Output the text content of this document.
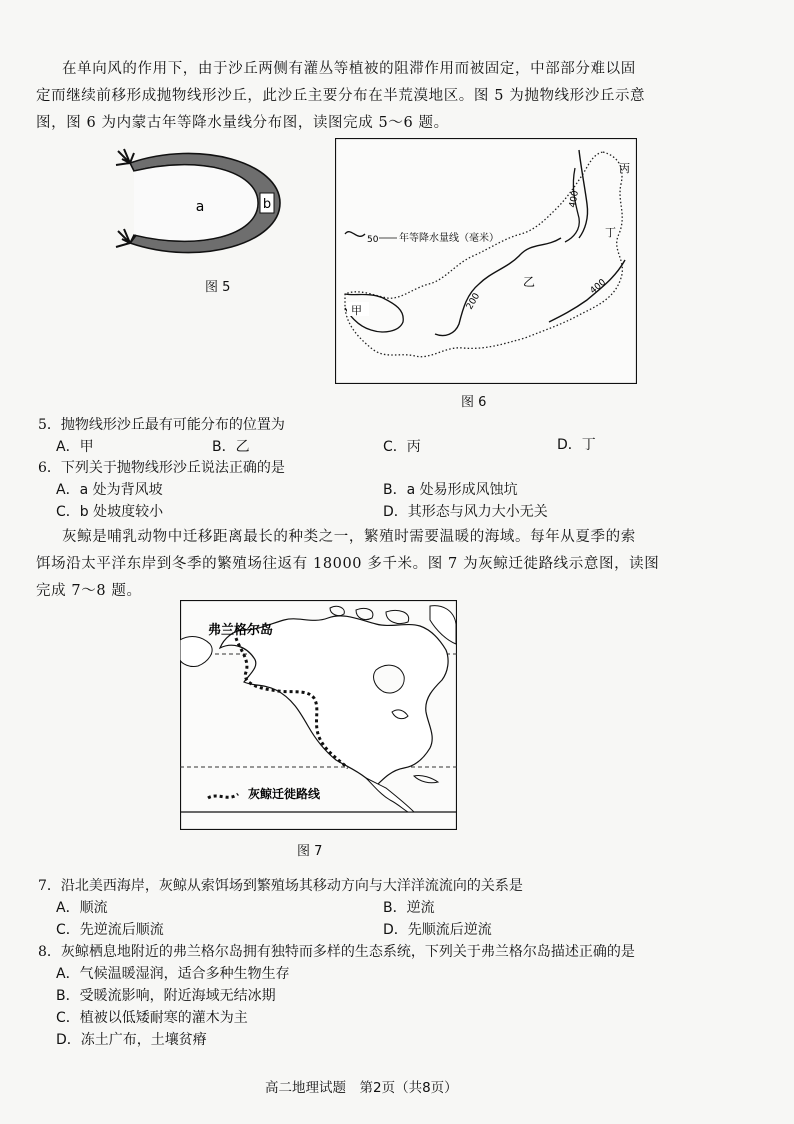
在单向风的作用下，由于沙丘两侧有灌丛等植被的阻滞作用而被固定，中部部分难以固
定而继续前移形成抛物线形沙丘，此沙丘主要分布在半荒漠地区。图 5 为抛物线形沙丘示意
图，图 6 为内蒙古年等降水量线分布图，读图完成 5～6 题。
b
a
图 5
400
200
400
50 年等降水量线（毫米）
甲
乙
丙
丁
图 6
5．抛物线形沙丘最有可能分布的位置为
A．甲	B．乙	C．丙	D．丁
6．下列关于抛物线形沙丘说法正确的是
A．a 处为背风坡	B．a 处易形成风蚀坑
C．b 处坡度较小	D．其形态与风力大小无关
灰鲸是哺乳动物中迁移距离最长的种类之一，繁殖时需要温暖的海域。每年从夏季的索
饵场沿太平洋东岸到冬季的繁殖场往返有 18000 多千米。图 7 为灰鲸迁徙路线示意图，读图
完成 7～8 题。
弗兰格尔岛
灰鲸迁徙路线
图 7
7．沿北美西海岸，灰鲸从索饵场到繁殖场其移动方向与大洋洋流流向的关系是
A．顺流	B．逆流
C．先逆流后顺流	D．先顺流后逆流
8．灰鲸栖息地附近的弗兰格尔岛拥有独特而多样的生态系统，下列关于弗兰格尔岛描述正确的是
A．气候温暖湿润，适合多种生物生存
B．受暖流影响，附近海域无结冰期
C．植被以低矮耐寒的灌木为主
D．冻土广布，土壤贫瘠
高二地理试题　第2页（共8页）
